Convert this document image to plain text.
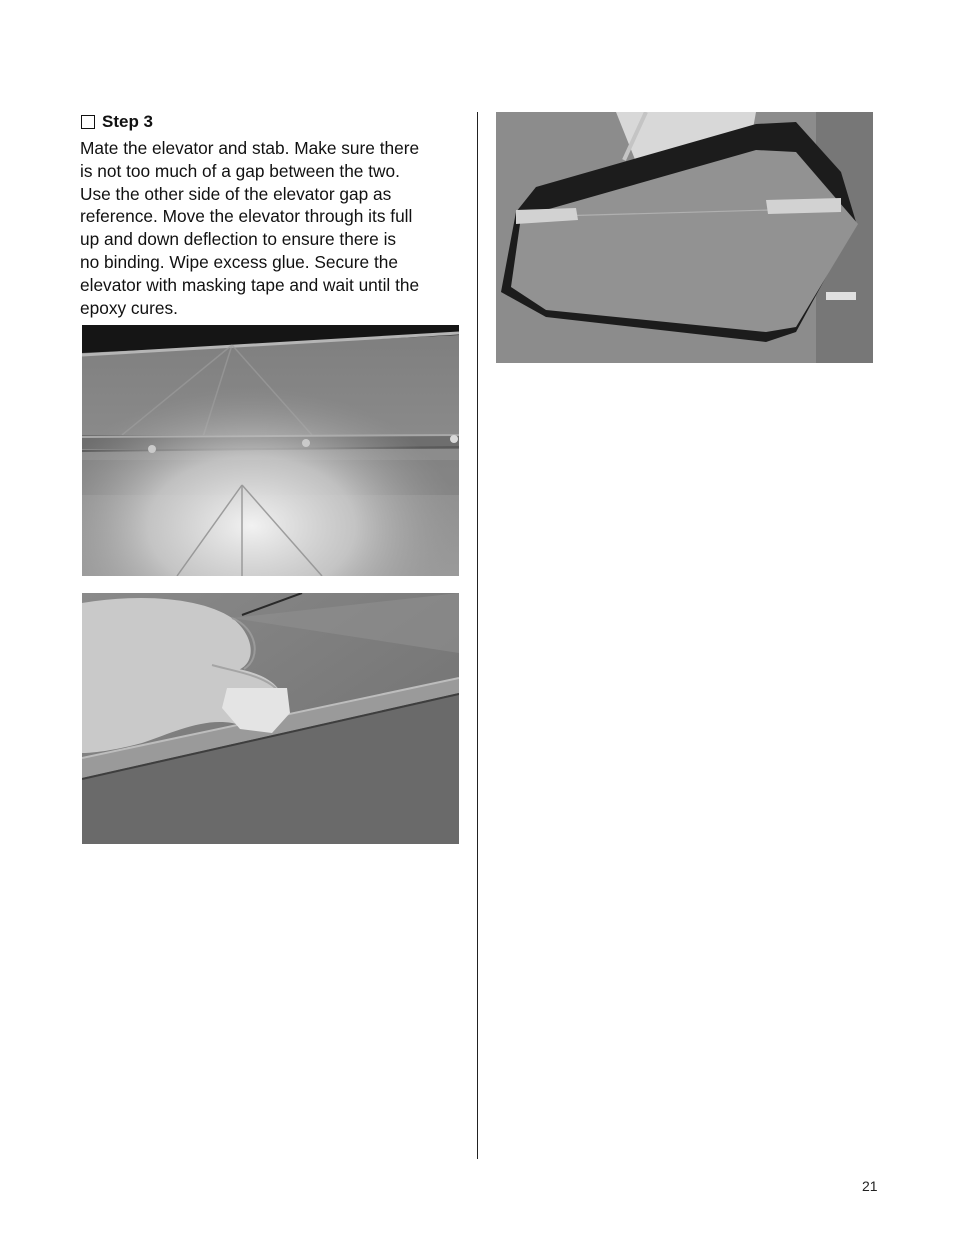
Step 3

Mate the elevator and stab. Make sure there
is not too much of a gap between the two.
Use the other side of the elevator gap as
reference. Move the elevator through its full
up and down deflection to ensure there is
no binding. Wipe excess glue. Secure the
elevator with masking tape and wait until the
epoxy cures.

21
